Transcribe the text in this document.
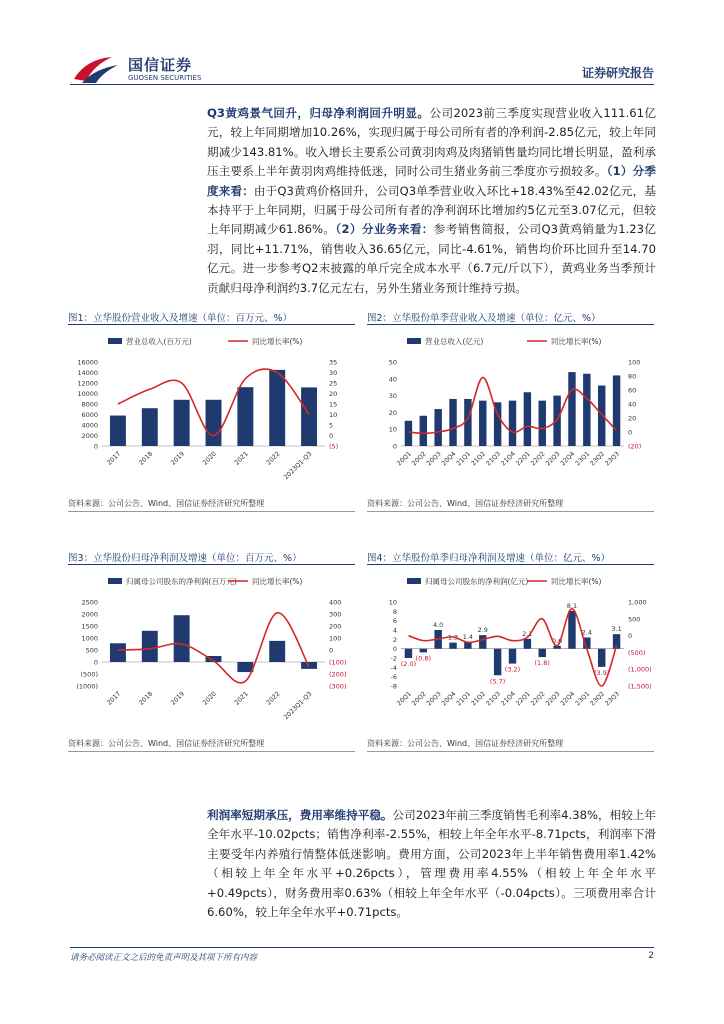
国信证券
GUOSEN SECURITIES	证券研究报告

Q3黄鸡景气回升，归母净利润回升明显。公司2023前三季度实现营业收入111.61亿元，较上年同期增加10.26%，实现归属于母公司所有者的净利润-2.85亿元，较上年同期减少143.81%。收入增长主要系公司黄羽肉鸡及肉猪销售量均同比增长明显，盈利承压主要系上半年黄羽肉鸡维持低迷，同时公司生猪业务前三季度亦亏损较多。（1）分季度来看：由于Q3黄鸡价格回升，公司Q3单季营业收入环比+18.43%至42.02亿元，基本持平于上年同期，归属于母公司所有者的净利润环比增加约5亿元至3.07亿元，但较上年同期减少61.86%。（2）分业务来看：参考销售简报，公司Q3黄鸡销量为1.23亿羽，同比+11.71%，销售收入36.65亿元，同比-4.61%，销售均价环比回升至14.70亿元。进一步参考Q2末披露的单斤完全成本水平（6.7元/斤以下），黄鸡业务当季预计贡献归母净利润约3.7亿元左右，另外生猪业务预计维持亏损。

图1：立华股份营业收入及增速（单位：百万元、%）
营业总收入(百万元)	同比增长率(%)
16000
14000
12000
10000
8000
6000
4000
2000
0
35
30
25
20
15
10
5
0
(5)
2017 2018 2019 2020 2021 2022 2023Q1-Q3
资料来源：公司公告、Wind、国信证券经济研究所整理
图2：立华股份单季营业收入及增速（单位：亿元、%）
营业总收入(亿元)	同比增长率(%)
50
40
30
20
10
0
100
80
60
40
20
0
(20)
20Q1
20Q2
20Q3
20Q4
21Q1
21Q2
21Q3
21Q4
22Q1
22Q2
22Q3
22Q4
23Q1
23Q2
23Q3
资料来源：公司公告、Wind、国信证券经济研究所整理
图3：立华股份归母净利润及增速（单位：百万元、%）
归属母公司股东的净利润(百万元) 同比增长率(%)
2500
2000
1500
1000
500
0
(500)
(1000)
400
300
200
100
0
(100)
(200)
(300)
2017 2018 2019 2020 2021 2022 2023Q1-Q3
资料来源：公司公告、Wind、国信证券经济研究所整理
图4：立华股份单季归母净利润及增速（单位：亿元、%）
归属母公司股东的净利润(亿元)	同比增长率(%)
10
8
6
4
2
0
-2
-4
-6
-8
1,000
500
0
(500)
(1,000)
(1,500)
(2.0)
(0.8)
4.0
1.3 1.4
2.9
(5.7)
(3.2)
2.1
(1.8)
0.6
8.1
2.4
(3.9)
3.1
20Q1
20Q2
20Q3
20Q4
21Q1
21Q2
21Q3
21Q4
22Q1
22Q2
22Q3
22Q4
23Q1
23Q2
23Q3
资料来源：公司公告、Wind、国信证券经济研究所整理

利润率短期承压，费用率维持平稳。公司2023年前三季度销售毛利率4.38%，相较上年全年水平-10.02pcts；销售净利率-2.55%，相较上年全年水平-8.71pcts，利润率下滑主要受年内养殖行情整体低迷影响。费用方面，公司2023年上半年销售费用率1.42%（相较上年全年水平+0.26pcts），管理费用率4.55%（相较上年全年水平+0.49pcts），财务费用率0.63%（相较上年全年水平（-0.04pcts）。三项费用率合计6.60%，较上年全年水平+0.71pcts。

请务必阅读正文之后的免责声明及其项下所有内容	2
